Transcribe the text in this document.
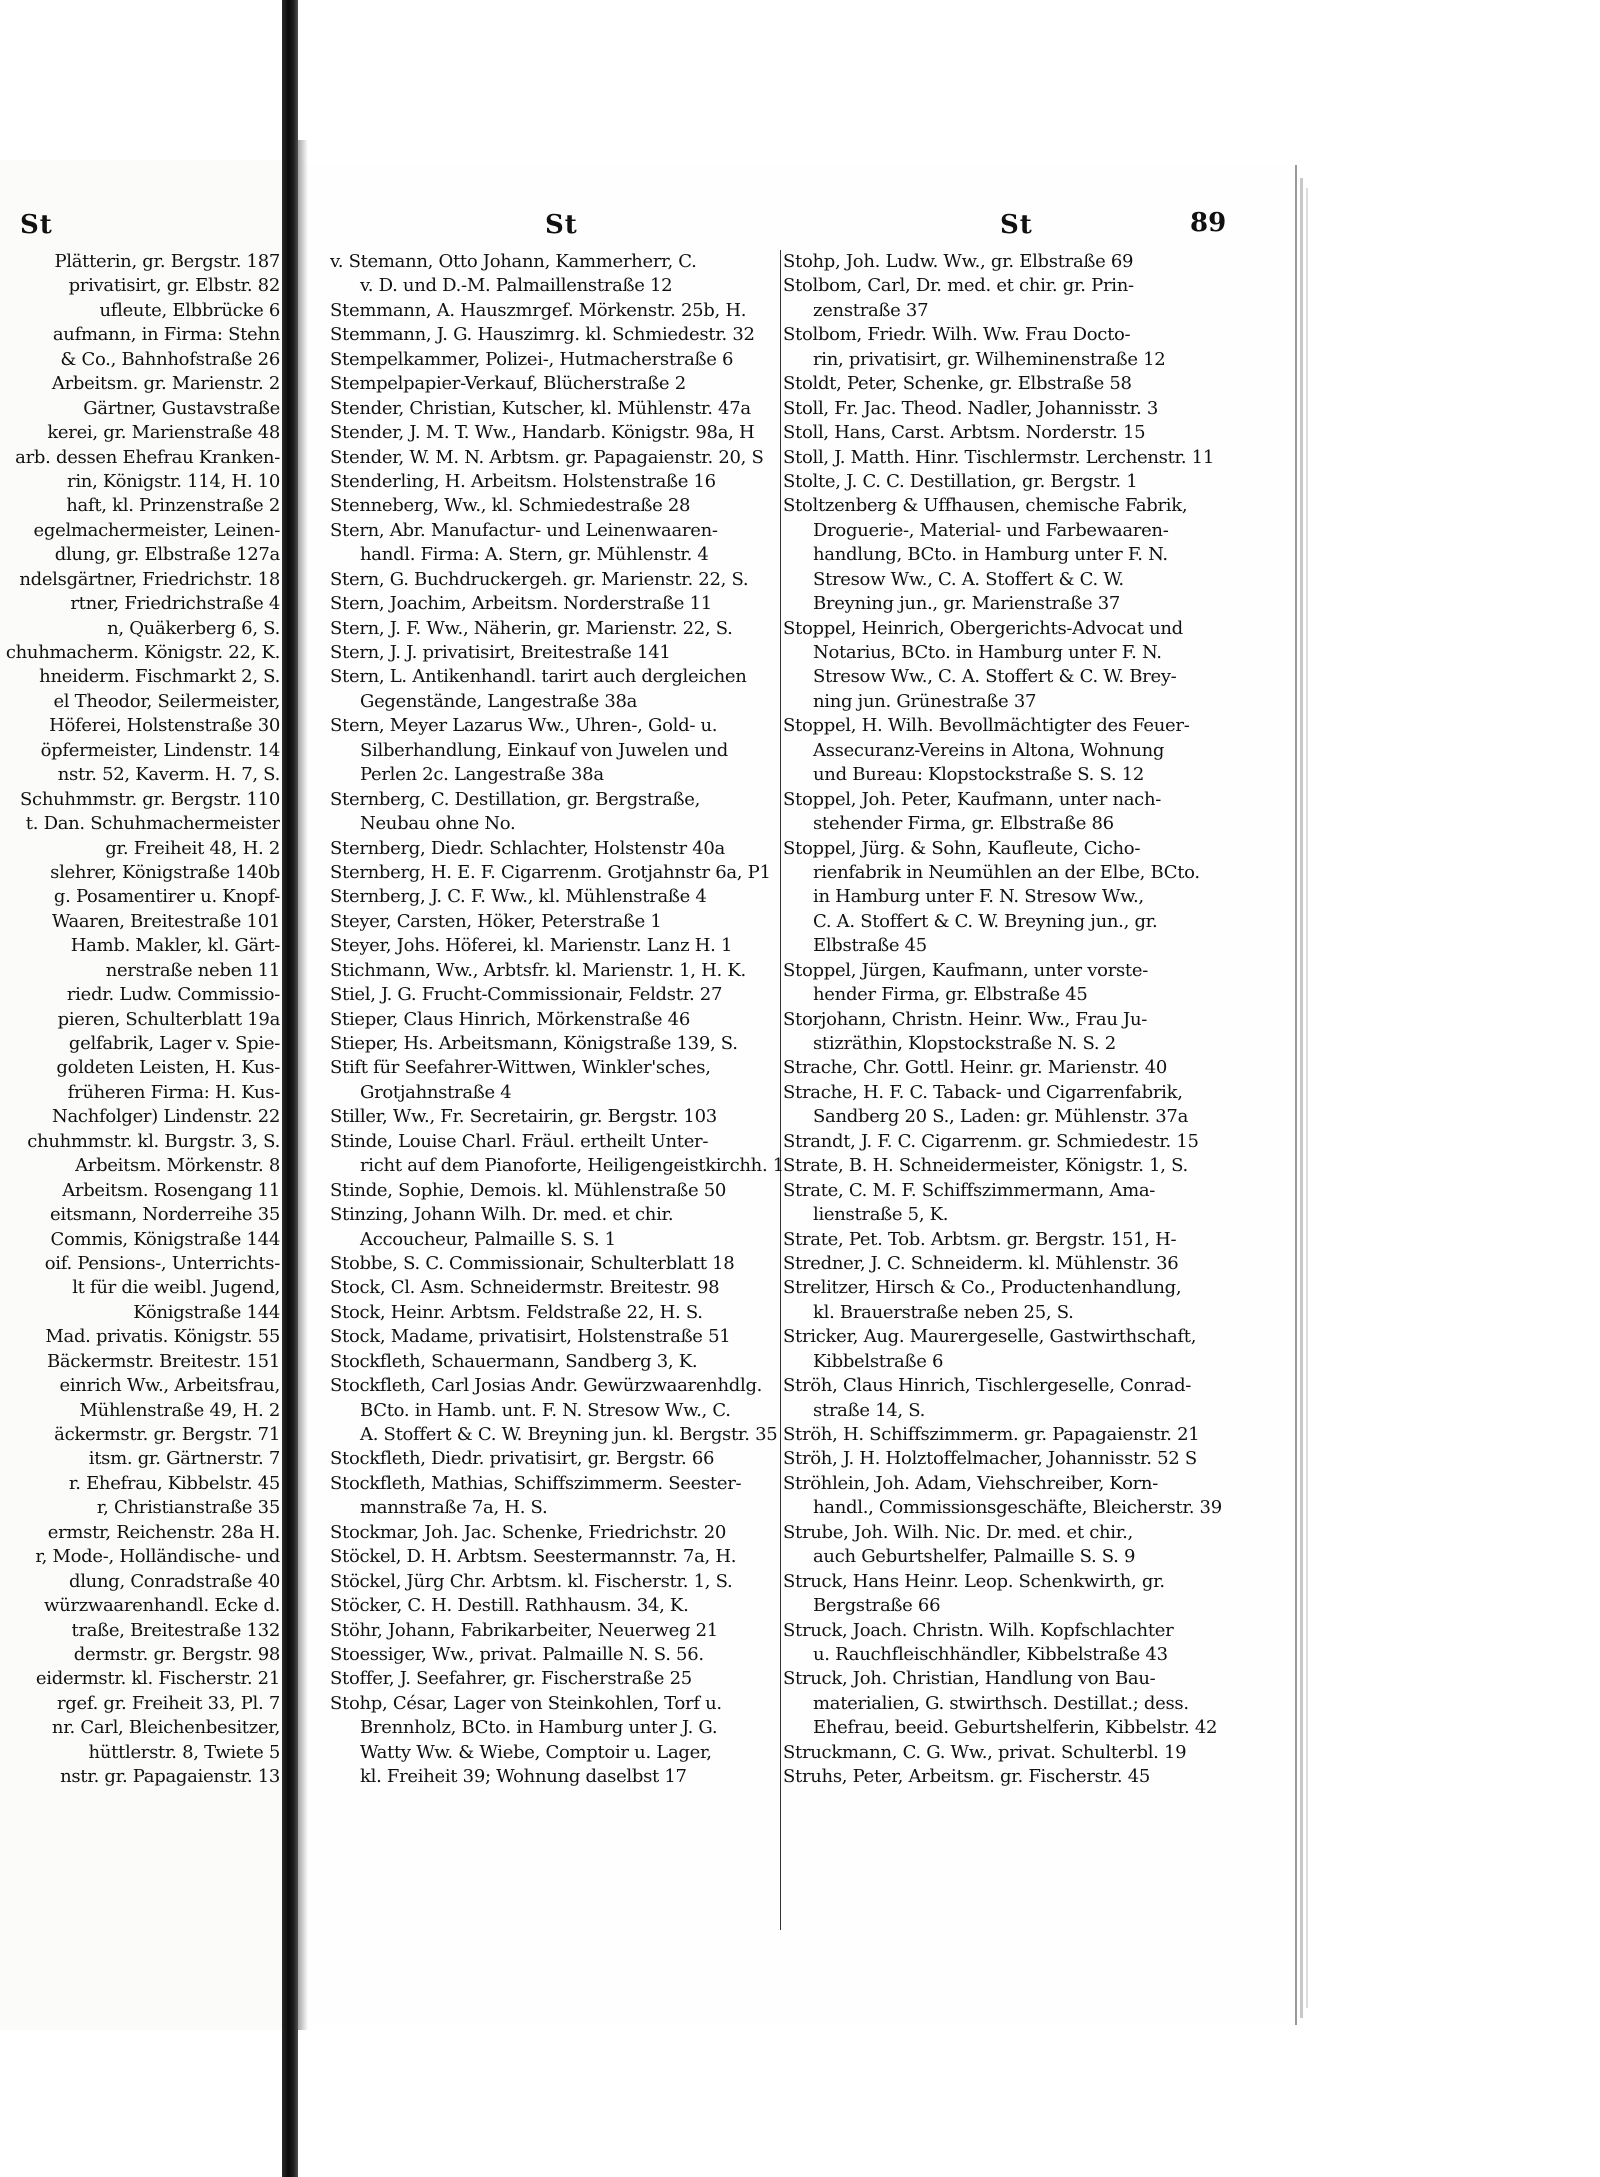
St	St	St	89
Plätterin, gr. Bergstr. 187
privatisirt, gr. Elbstr. 82
ufleute, Elbbrücke 6
aufmann, in Firma: Stehn
& Co., Bahnhofstraße 26
Arbeitsm. gr. Marienstr. 2
Gärtner, Gustavstraße
kerei, gr. Marienstraße 48
arb. dessen Ehefrau Kranken-
rin, Königstr. 114, H. 10
haft, kl. Prinzenstraße 2
egelmachermeister, Leinen-
dlung, gr. Elbstraße 127a
ndelsgärtner, Friedrichstr. 18
rtner, Friedrichstraße 4
n, Quäkerberg 6, S.
chuhmacherm. Königstr. 22, K.
hneiderm. Fischmarkt 2, S.
el Theodor, Seilermeister,
Höferei, Holstenstraße 30
öpfermeister, Lindenstr. 14
nstr. 52, Kaverm. H. 7, S.
Schuhmmstr. gr. Bergstr. 110
t. Dan. Schuhmachermeister
gr. Freiheit 48, H. 2
slehrer, Königstraße 140b
g. Posamentirer u. Knopf-
Waaren, Breitestraße 101
Hamb. Makler, kl. Gärt-
nerstraße neben 11
riedr. Ludw. Commissio-
pieren, Schulterblatt 19a
gelfabrik, Lager v. Spie-
goldeten Leisten, H. Kus-
früheren Firma: H. Kus-
Nachfolger) Lindenstr. 22
chuhmmstr. kl. Burgstr. 3, S.
Arbeitsm. Mörkenstr. 8
Arbeitsm. Rosengang 11
eitsmann, Norderreihe 35
Commis, Königstraße 144
oif. Pensions-, Unterrichts-
lt für die weibl. Jugend,
Königstraße 144
Mad. privatis. Königstr. 55
Bäckermstr. Breitestr. 151
einrich Ww., Arbeitsfrau,
Mühlenstraße 49, H. 2
äckermstr. gr. Bergstr. 71
itsm. gr. Gärtnerstr. 7
r. Ehefrau, Kibbelstr. 45
r, Christianstraße 35
ermstr, Reichenstr. 28a H.
r, Mode-, Holländische- und
dlung, Conradstraße 40
würzwaarenhandl. Ecke d.
traße, Breitestraße 132
dermstr. gr. Bergstr. 98
eidermstr. kl. Fischerstr. 21
rgef. gr. Freiheit 33, Pl. 7
nr. Carl, Bleichenbesitzer,
hüttlerstr. 8, Twiete 5
nstr. gr. Papagaienstr. 13
v. Stemann, Otto Johann, Kammerherr, C.
v. D. und D.-M. Palmaillenstraße 12
Stemmann, A. Hauszmrgef. Mörkenstr. 25b, H.
Stemmann, J. G. Hauszimrg. kl. Schmiedestr. 32
Stempelkammer, Polizei-, Hutmacherstraße 6
Stempelpapier-Verkauf, Blücherstraße 2
Stender, Christian, Kutscher, kl. Mühlenstr. 47a
Stender, J. M. T. Ww., Handarb. Königstr. 98a, H
Stender, W. M. N. Arbtsm. gr. Papagaienstr. 20, S
Stenderling, H. Arbeitsm. Holstenstraße 16
Stenneberg, Ww., kl. Schmiedestraße 28
Stern, Abr. Manufactur- und Leinenwaaren-
handl. Firma: A. Stern, gr. Mühlenstr. 4
Stern, G. Buchdruckergeh. gr. Marienstr. 22, S.
Stern, Joachim, Arbeitsm. Norderstraße 11
Stern, J. F. Ww., Näherin, gr. Marienstr. 22, S.
Stern, J. J. privatisirt, Breitestraße 141
Stern, L. Antikenhandl. tarirt auch dergleichen
Gegenstände, Langestraße 38a
Stern, Meyer Lazarus Ww., Uhren-, Gold- u.
Silberhandlung, Einkauf von Juwelen und
Perlen 2c. Langestraße 38a
Sternberg, C. Destillation, gr. Bergstraße,
Neubau ohne No.
Sternberg, Diedr. Schlachter, Holstenstr 40a
Sternberg, H. E. F. Cigarrenm. Grotjahnstr 6a, P1
Sternberg, J. C. F. Ww., kl. Mühlenstraße 4
Steyer, Carsten, Höker, Peterstraße 1
Steyer, Johs. Höferei, kl. Marienstr. Lanz H. 1
Stichmann, Ww., Arbtsfr. kl. Marienstr. 1, H. K.
Stiel, J. G. Frucht-Commissionair, Feldstr. 27
Stieper, Claus Hinrich, Mörkenstraße 46
Stieper, Hs. Arbeitsmann, Königstraße 139, S.
Stift für Seefahrer-Wittwen, Winkler'sches,
Grotjahnstraße 4
Stiller, Ww., Fr. Secretairin, gr. Bergstr. 103
Stinde, Louise Charl. Fräul. ertheilt Unter-
richt auf dem Pianoforte, Heiligengeistkirchh. 1
Stinde, Sophie, Demois. kl. Mühlenstraße 50
Stinzing, Johann Wilh. Dr. med. et chir.
Accoucheur, Palmaille S. S. 1
Stobbe, S. C. Commissionair, Schulterblatt 18
Stock, Cl. Asm. Schneidermstr. Breitestr. 98
Stock, Heinr. Arbtsm. Feldstraße 22, H. S.
Stock, Madame, privatisirt, Holstenstraße 51
Stockfleth, Schauermann, Sandberg 3, K.
Stockfleth, Carl Josias Andr. Gewürzwaarenhdlg.
BCto. in Hamb. unt. F. N. Stresow Ww., C.
A. Stoffert & C. W. Breyning jun. kl. Bergstr. 35
Stockfleth, Diedr. privatisirt, gr. Bergstr. 66
Stockfleth, Mathias, Schiffszimmerm. Seester-
mannstraße 7a, H. S.
Stockmar, Joh. Jac. Schenke, Friedrichstr. 20
Stöckel, D. H. Arbtsm. Seestermannstr. 7a, H.
Stöckel, Jürg Chr. Arbtsm. kl. Fischerstr. 1, S.
Stöcker, C. H. Destill. Rathhausm. 34, K.
Stöhr, Johann, Fabrikarbeiter, Neuerweg 21
Stoessiger, Ww., privat. Palmaille N. S. 56.
Stoffer, J. Seefahrer, gr. Fischerstraße 25
Stohp, César, Lager von Steinkohlen, Torf u.
Brennholz, BCto. in Hamburg unter J. G.
Watty Ww. & Wiebe, Comptoir u. Lager,
kl. Freiheit 39; Wohnung daselbst 17
Stohp, Joh. Ludw. Ww., gr. Elbstraße 69
Stolbom, Carl, Dr. med. et chir. gr. Prin-
zenstraße 37
Stolbom, Friedr. Wilh. Ww. Frau Docto-
rin, privatisirt, gr. Wilheminenstraße 12
Stoldt, Peter, Schenke, gr. Elbstraße 58
Stoll, Fr. Jac. Theod. Nadler, Johannisstr. 3
Stoll, Hans, Carst. Arbtsm. Norderstr. 15
Stoll, J. Matth. Hinr. Tischlermstr. Lerchenstr. 11
Stolte, J. C. C. Destillation, gr. Bergstr. 1
Stoltzenberg & Uffhausen, chemische Fabrik,
Droguerie-, Material- und Farbewaaren-
handlung, BCto. in Hamburg unter F. N.
Stresow Ww., C. A. Stoffert & C. W.
Breyning jun., gr. Marienstraße 37
Stoppel, Heinrich, Obergerichts-Advocat und
Notarius, BCto. in Hamburg unter F. N.
Stresow Ww., C. A. Stoffert & C. W. Brey-
ning jun. Grünestraße 37
Stoppel, H. Wilh. Bevollmächtigter des Feuer-
Assecuranz-Vereins in Altona, Wohnung
und Bureau: Klopstockstraße S. S. 12
Stoppel, Joh. Peter, Kaufmann, unter nach-
stehender Firma, gr. Elbstraße 86
Stoppel, Jürg. & Sohn, Kaufleute, Cicho-
rienfabrik in Neumühlen an der Elbe, BCto.
in Hamburg unter F. N. Stresow Ww.,
C. A. Stoffert & C. W. Breyning jun., gr.
Elbstraße 45
Stoppel, Jürgen, Kaufmann, unter vorste-
hender Firma, gr. Elbstraße 45
Storjohann, Christn. Heinr. Ww., Frau Ju-
stizräthin, Klopstockstraße N. S. 2
Strache, Chr. Gottl. Heinr. gr. Marienstr. 40
Strache, H. F. C. Taback- und Cigarrenfabrik,
Sandberg 20 S., Laden: gr. Mühlenstr. 37a
Strandt, J. F. C. Cigarrenm. gr. Schmiedestr. 15
Strate, B. H. Schneidermeister, Königstr. 1, S.
Strate, C. M. F. Schiffszimmermann, Ama-
lienstraße 5, K.
Strate, Pet. Tob. Arbtsm. gr. Bergstr. 151, H-
Stredner, J. C. Schneiderm. kl. Mühlenstr. 36
Strelitzer, Hirsch & Co., Productenhandlung,
kl. Brauerstraße neben 25, S.
Stricker, Aug. Maurergeselle, Gastwirthschaft,
Kibbelstraße 6
Ströh, Claus Hinrich, Tischlergeselle, Conrad-
straße 14, S.
Ströh, H. Schiffszimmerm. gr. Papagaienstr. 21
Ströh, J. H. Holztoffelmacher, Johannisstr. 52 S
Ströhlein, Joh. Adam, Viehschreiber, Korn-
handl., Commissionsgeschäfte, Bleicherstr. 39
Strube, Joh. Wilh. Nic. Dr. med. et chir.,
auch Geburtshelfer, Palmaille S. S. 9
Struck, Hans Heinr. Leop. Schenkwirth, gr.
Bergstraße 66
Struck, Joach. Christn. Wilh. Kopfschlachter
u. Rauchfleischhändler, Kibbelstraße 43
Struck, Joh. Christian, Handlung von Bau-
materialien, G. stwirthsch. Destillat.; dess.
Ehefrau, beeid. Geburtshelferin, Kibbelstr. 42
Struckmann, C. G. Ww., privat. Schulterbl. 19
Struhs, Peter, Arbeitsm. gr. Fischerstr. 45
